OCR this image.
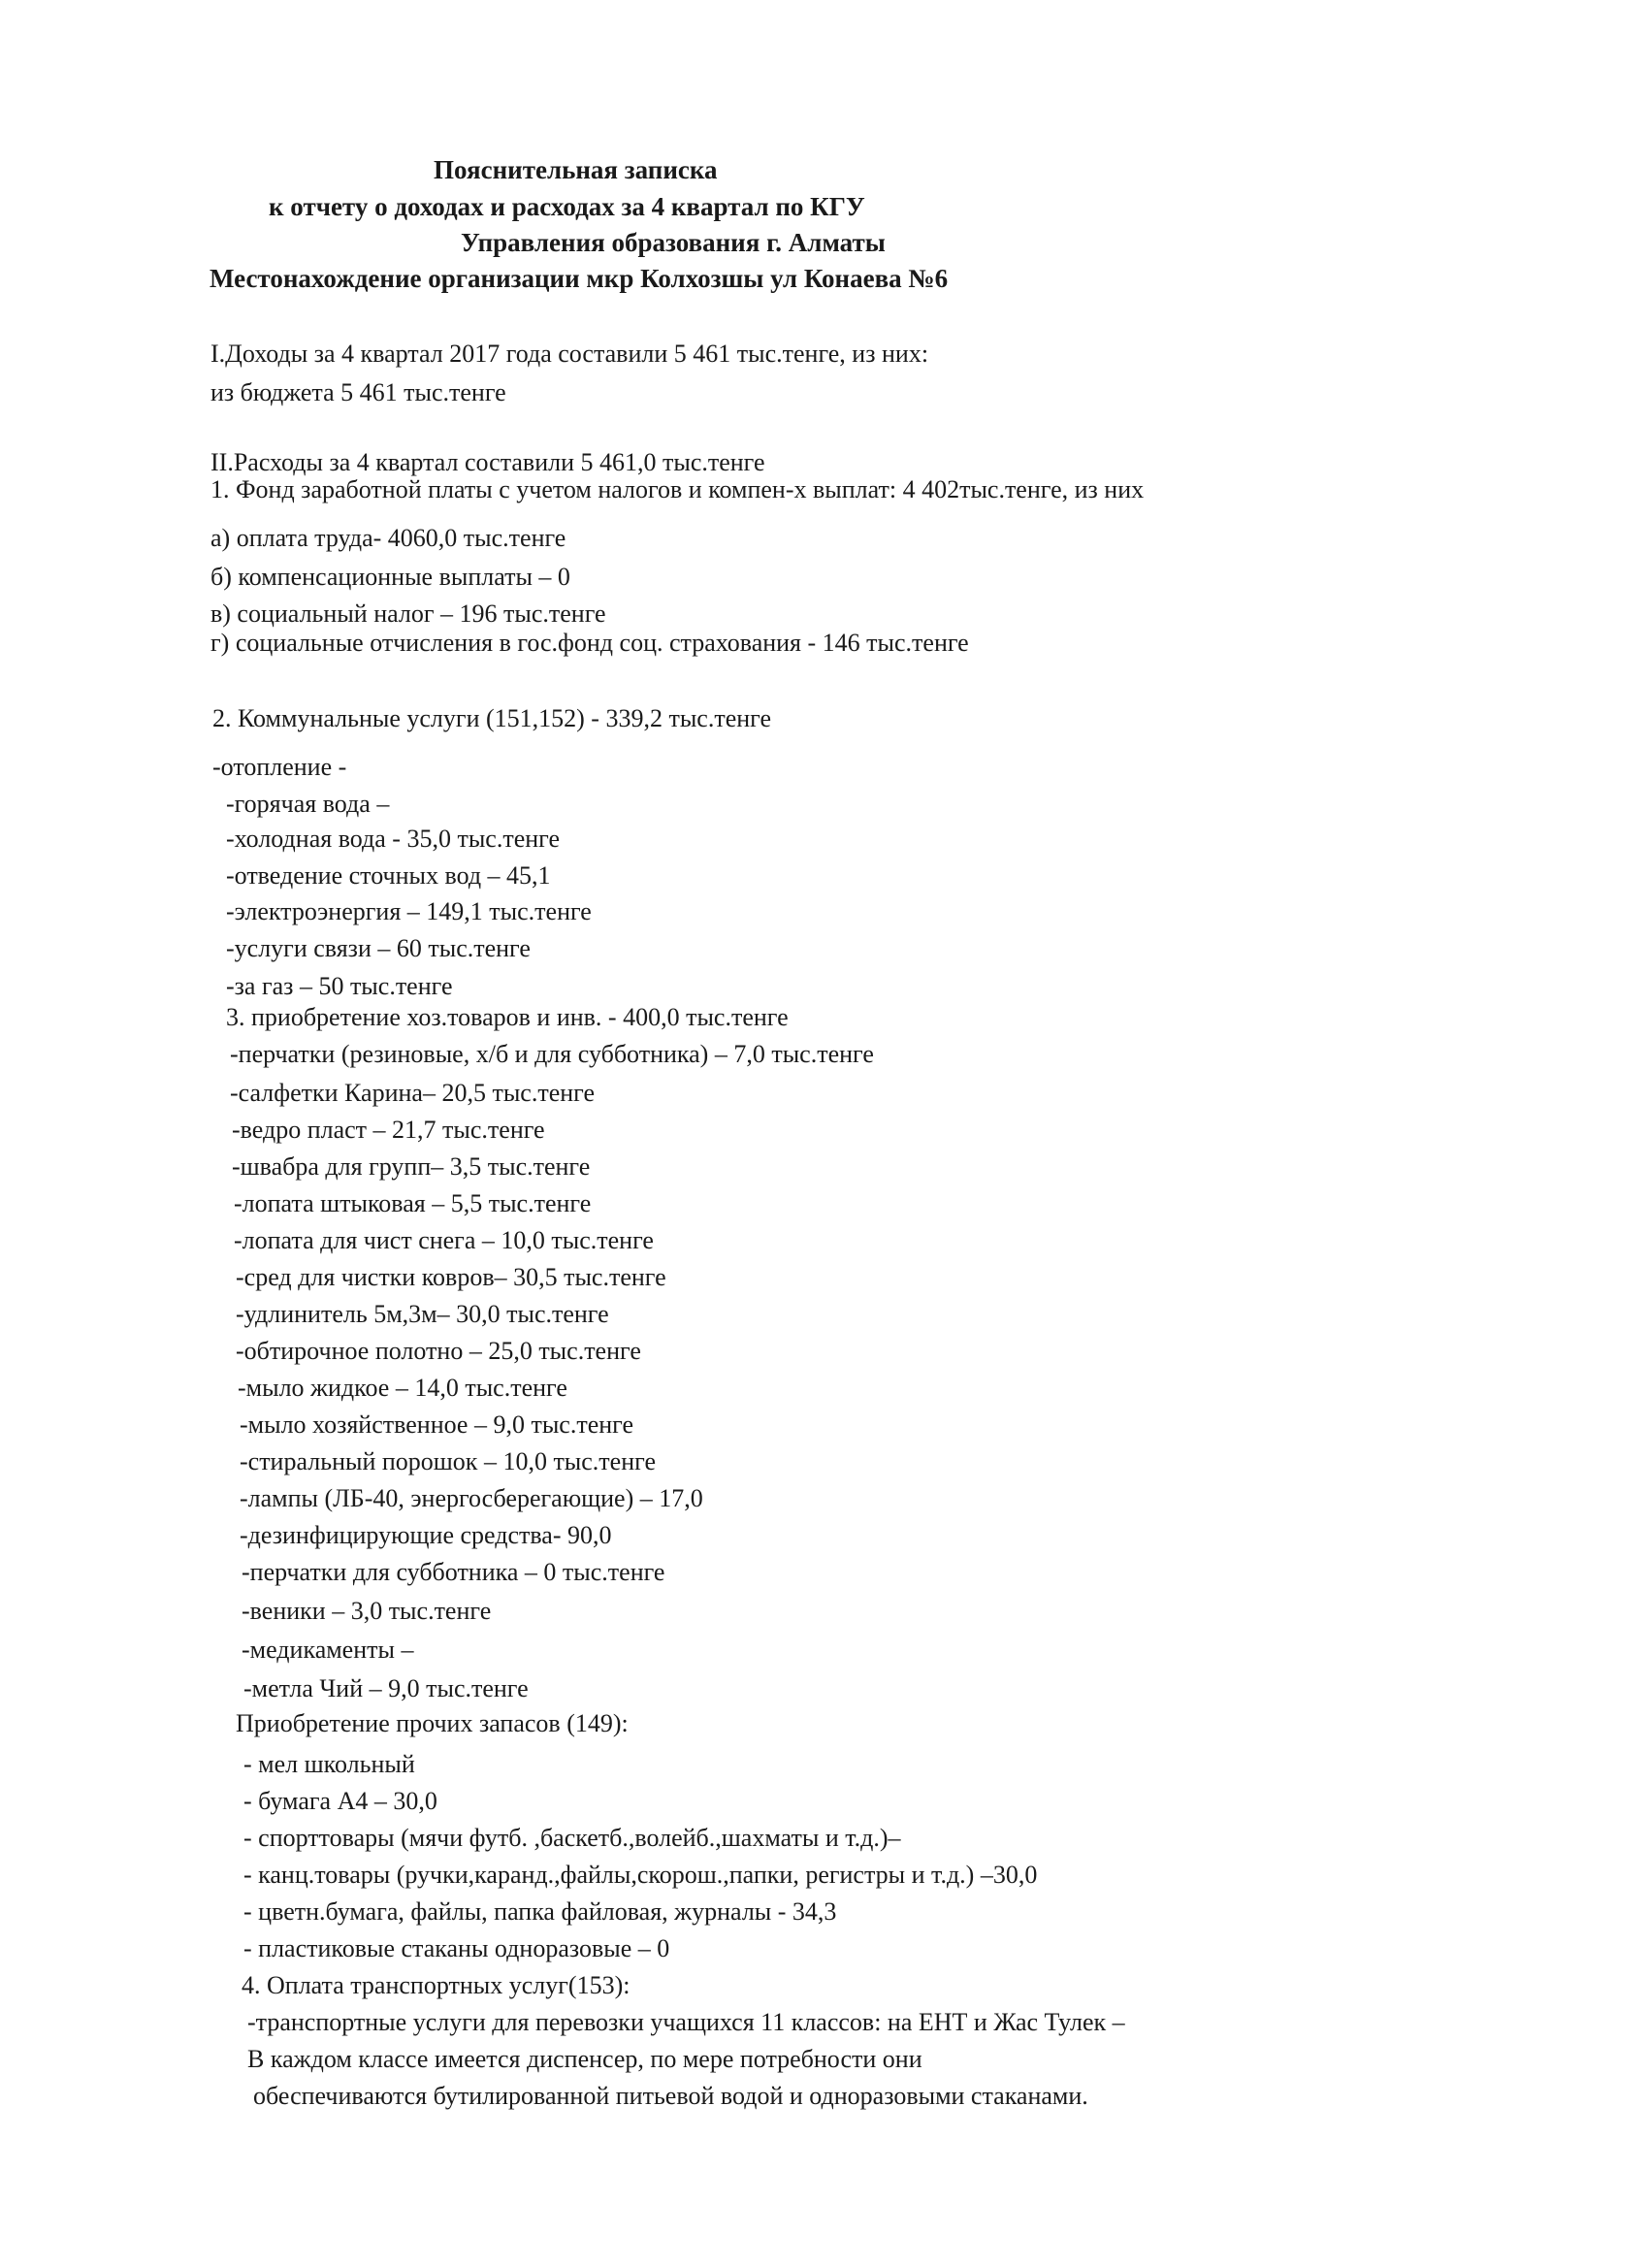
Пояснительная записка
к отчету о доходах и расходах за 4 квартал по КГУ
Управления образования г. Алматы
Местонахождение организации мкр Колхозшы ул Конаева №6
I.Доходы за 4 квартал 2017 года составили 5 461 тыс.тенге, из них:
из бюджета 5 461 тыс.тенге
II.Расходы за 4 квартал составили 5 461,0 тыс.тенге
1. Фонд заработной платы с учетом налогов и компен-х выплат: 4 402тыс.тенге, из них
а) оплата труда- 4060,0 тыс.тенге
б) компенсационные выплаты – 0
в) социальный налог – 196 тыс.тенге
г) социальные отчисления в гос.фонд соц. страхования - 146 тыс.тенге
2. Коммунальные услуги (151,152) - 339,2 тыс.тенге
-отопление -
-горячая вода –
-холодная вода - 35,0 тыс.тенге
-отведение сточных вод – 45,1
-электроэнергия – 149,1 тыс.тенге
-услуги связи – 60 тыс.тенге
-за газ – 50 тыс.тенге
3. приобретение хоз.товаров и инв. - 400,0 тыс.тенге
-перчатки (резиновые, х/б и для субботника) – 7,0 тыс.тенге
-салфетки Карина– 20,5 тыс.тенге
-ведро пласт – 21,7 тыс.тенге
-швабра для групп– 3,5 тыс.тенге
-лопата штыковая – 5,5 тыс.тенге
-лопата для чист снега – 10,0 тыс.тенге
-сред для чистки ковров– 30,5 тыс.тенге
-удлинитель 5м,3м– 30,0 тыс.тенге
-обтирочное полотно – 25,0 тыс.тенге
-мыло жидкое – 14,0 тыс.тенге
-мыло хозяйственное – 9,0 тыс.тенге
-стиральный порошок – 10,0 тыс.тенге
-лампы (ЛБ-40, энергосберегающие) – 17,0
-дезинфицирующие средства- 90,0
-перчатки для субботника – 0 тыс.тенге
-веники – 3,0 тыс.тенге
-медикаменты –
-метла Чий – 9,0 тыс.тенге
Приобретение прочих запасов (149):
- мел школьный
- бумага А4 – 30,0
- спорттовары (мячи футб. ,баскетб.,волейб.,шахматы и т.д.)–
- канц.товары (ручки,каранд.,файлы,скорош.,папки, регистры и т.д.) –30,0
- цветн.бумага, файлы, папка файловая, журналы - 34,3
- пластиковые стаканы одноразовые – 0
4. Оплата транспортных услуг(153):
-транспортные услуги для перевозки учащихся 11 классов: на ЕНТ и Жас Тулек –
В каждом классе имеется диспенсер, по мере потребности они
обеспечиваются бутилированной питьевой водой и одноразовыми стаканами.
